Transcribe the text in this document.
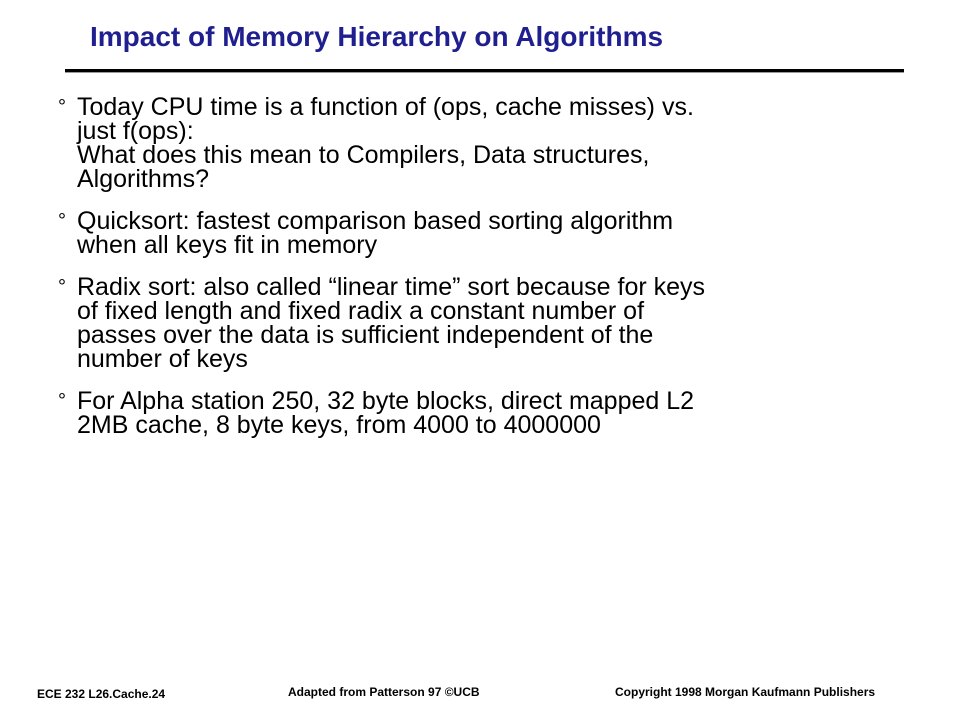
Impact of Memory Hierarchy on Algorithms
° Today CPU time is a function of (ops, cache misses) vs.
just f(ops):
What does this mean to Compilers, Data structures,
Algorithms?
° Quicksort: fastest comparison based sorting algorithm
when all keys fit in memory
° Radix sort: also called “linear time” sort because for keys
of fixed length and fixed radix a constant number of
passes over the data is sufficient independent of the
number of keys
° For Alpha station 250, 32 byte blocks, direct mapped L2
2MB cache, 8 byte keys, from 4000 to 4000000
ECE 232 L26.Cache.24	Adapted from Patterson 97 ©UCB	Copyright 1998 Morgan Kaufmann Publishers
